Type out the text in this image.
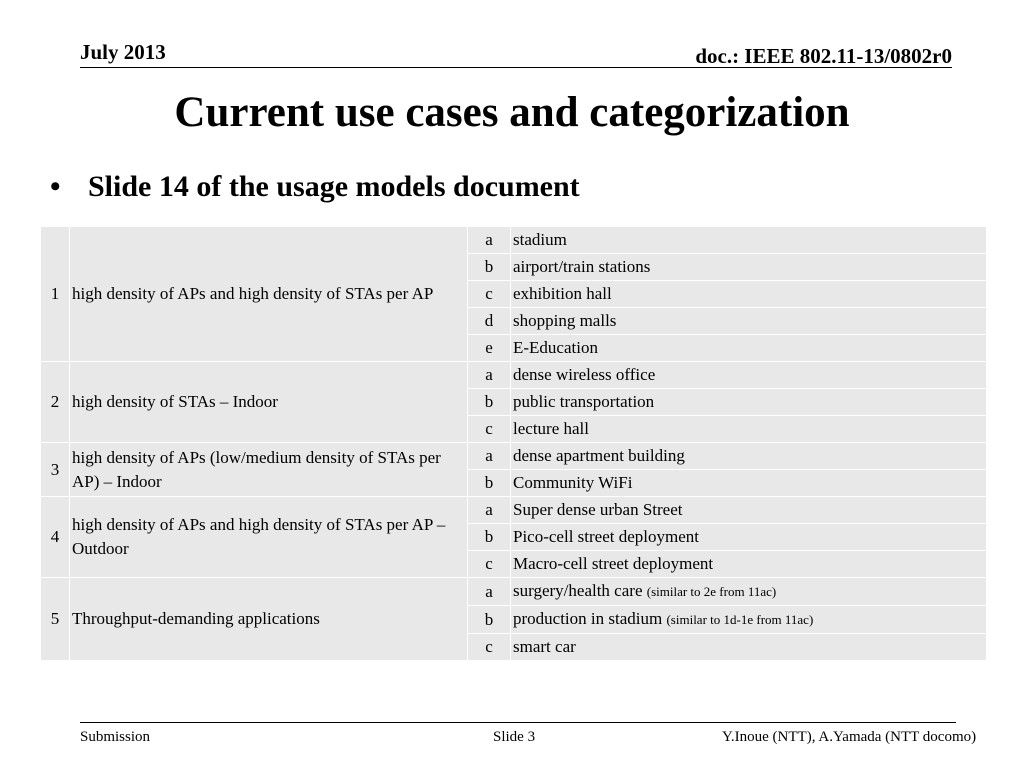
July 2013	doc.: IEEE 802.11-13/0802r0
Current use cases and categorization
• Slide 14 of the usage models document
1	high density of APs and high density of STAs per AP	a	stadium
		b	airport/train stations
		c	exhibition hall
		d	shopping malls
		e	E-Education
2	high density of STAs – Indoor	a	dense wireless office
		b	public transportation
		c	lecture hall
3	high density of APs (low/medium density of STAs per AP) – Indoor	a	dense apartment building
		b	Community WiFi
4	high density of APs and high density of STAs per AP – Outdoor	a	Super dense urban Street
		b	Pico-cell street deployment
		c	Macro-cell street deployment
5	Throughput-demanding applications	a	surgery/health care (similar to 2e from 11ac)
		b	production in stadium (similar to 1d-1e from 11ac)
		c	smart car
Submission	Slide 3	Y.Inoue (NTT), A.Yamada (NTT docomo)
